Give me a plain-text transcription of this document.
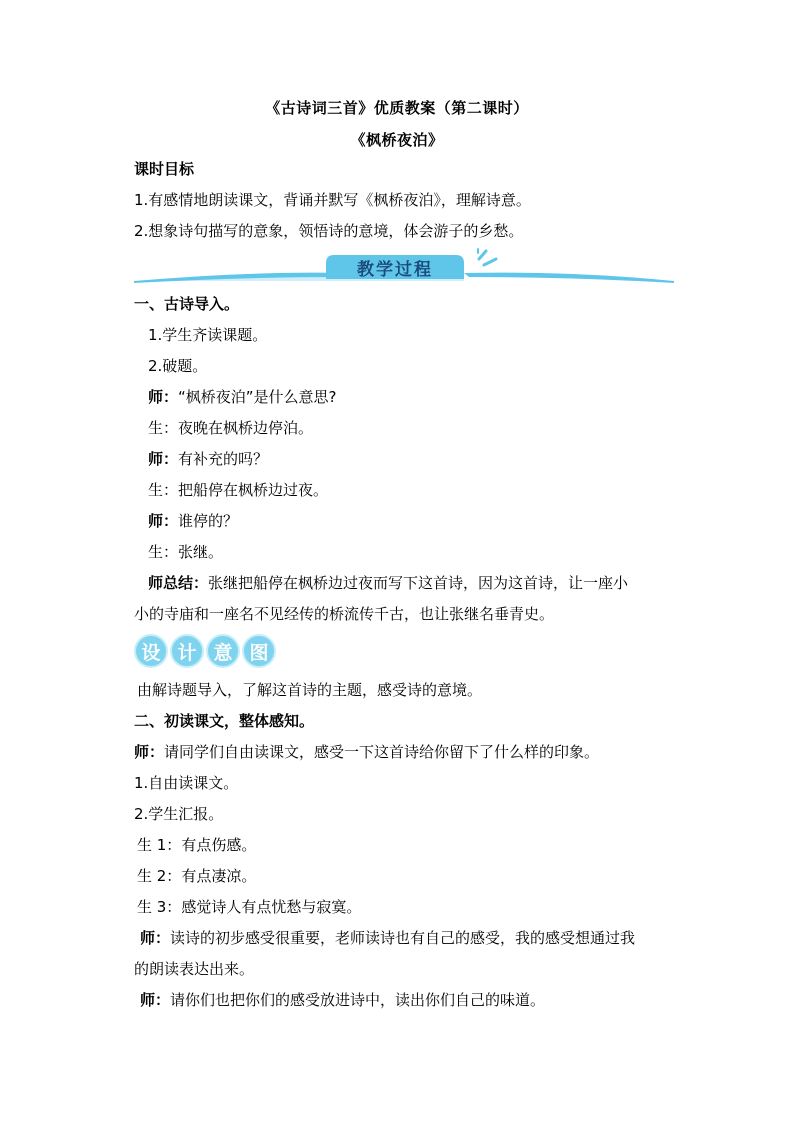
《古诗词三首》优质教案（第二课时）
《枫桥夜泊》
课时目标
1.有感情地朗读课文，背诵并默写《枫桥夜泊》，理解诗意。
2.想象诗句描写的意象，领悟诗的意境，体会游子的乡愁。
教学过程
一、古诗导入。
1.学生齐读课题。
2.破题。
师：“枫桥夜泊”是什么意思?
生：夜晚在枫桥边停泊。
师：有补充的吗？
生：把船停在枫桥边过夜。
师：谁停的？
生：张继。
师总结：张继把船停在枫桥边过夜而写下这首诗，因为这首诗，让一座小
小的寺庙和一座名不见经传的桥流传千古，也让张继名垂青史。
设 计 意 图
由解诗题导入，了解这首诗的主题，感受诗的意境。
二、初读课文，整体感知。
师：请同学们自由读课文，感受一下这首诗给你留下了什么样的印象。
1.自由读课文。
2.学生汇报。
生 1：有点伤感。
生 2：有点凄凉。
生 3：感觉诗人有点忧愁与寂寞。
师：读诗的初步感受很重要，老师读诗也有自己的感受，我的感受想通过我
的朗读表达出来。
师：请你们也把你们的感受放进诗中，读出你们自己的味道。
